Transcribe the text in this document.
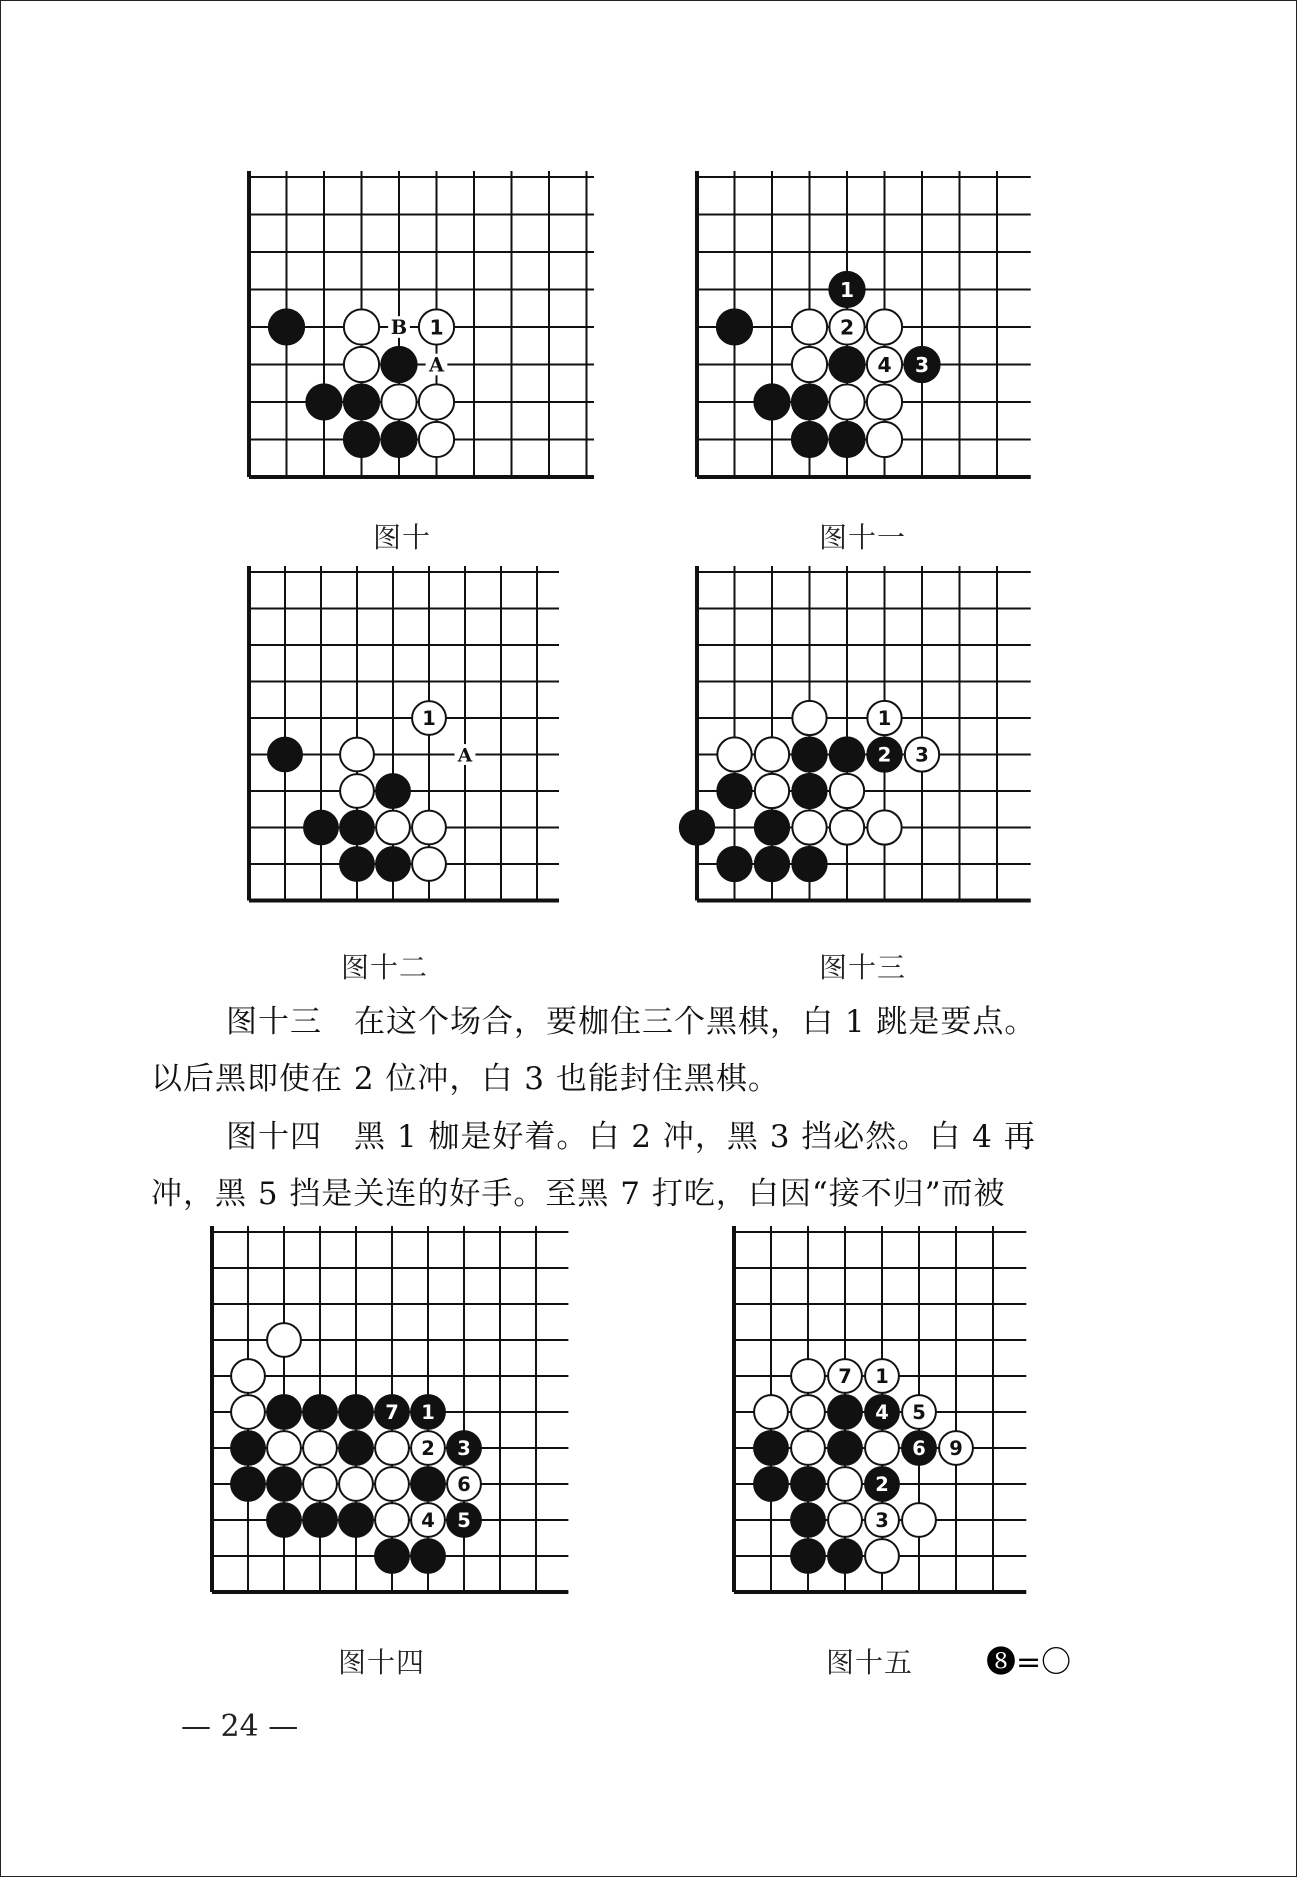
1
B
A
图十
1
2
4 3
图十一
1
A
图十二
1
2 3
图十三
图十三　在这个场合，要枷住三个黑棋，白 1 跳是要点。
以后黑即使在 2 位冲，白 3 也能封住黑棋。
图十四　黑 1 枷是好着。白 2 冲，黑 3 挡必然。白 4 再
冲，黑 5 挡是关连的好手。至黑 7 打吃，白因“接不归”而被
7 1
2 3
6
4 5
图十四
7 1
4 5
6 9
2
3
图十五 ❽=〇
— 24 —
